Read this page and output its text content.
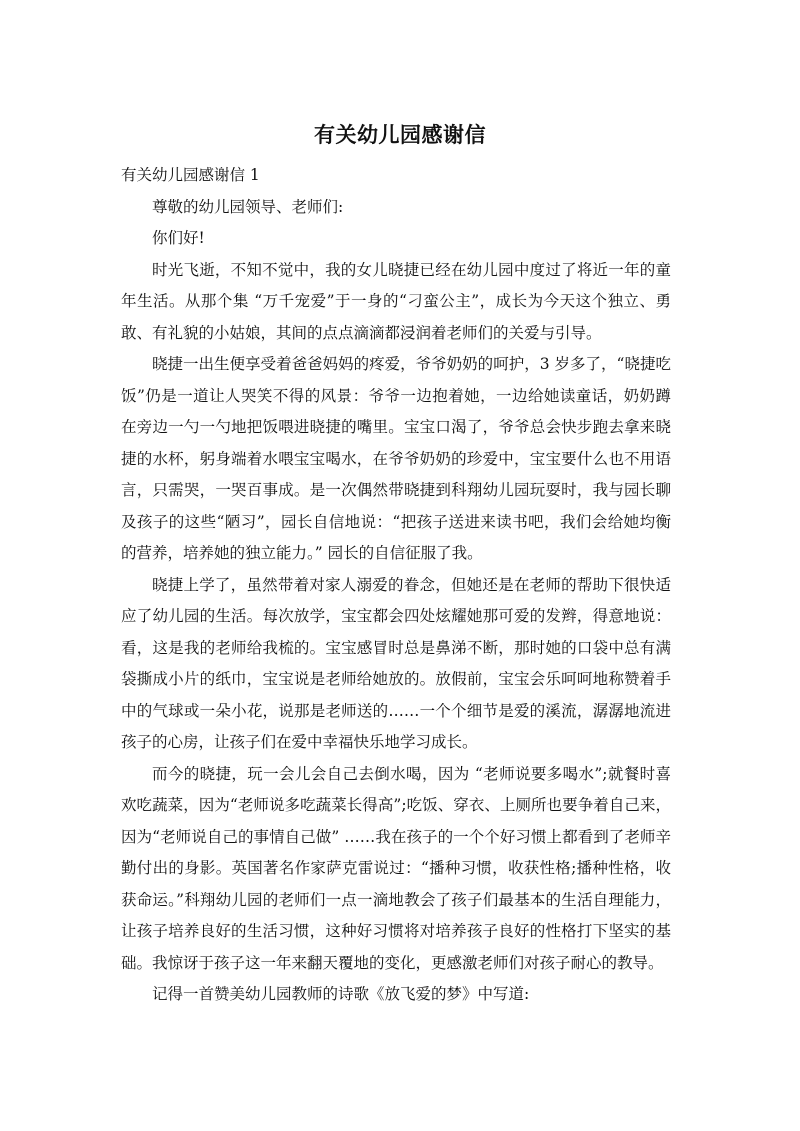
有关幼儿园感谢信

有关幼儿园感谢信 1

尊敬的幼儿园领导、老师们:

你们好!

时光飞逝，不知不觉中，我的女儿晓捷已经在幼儿园中度过了将近一年的童年生活。从那个集 “万千宠爱”于一身的“刁蛮公主”，成长为今天这个独立、勇敢、有礼貌的小姑娘，其间的点点滴滴都浸润着老师们的关爱与引导。

晓捷一出生便享受着爸爸妈妈的疼爱，爷爷奶奶的呵护，3 岁多了，“晓捷吃饭”仍是一道让人哭笑不得的风景：爷爷一边抱着她，一边给她读童话，奶奶蹲在旁边一勺一勺地把饭喂进晓捷的嘴里。宝宝口渴了，爷爷总会快步跑去拿来晓捷的水杯，躬身端着水喂宝宝喝水，在爷爷奶奶的珍爱中，宝宝要什么也不用语言，只需哭，一哭百事成。是一次偶然带晓捷到科翔幼儿园玩耍时，我与园长聊及孩子的这些“陋习”，园长自信地说：“把孩子送进来读书吧，我们会给她均衡的营养，培养她的独立能力。” 园长的自信征服了我。

晓捷上学了，虽然带着对家人溺爱的眷念，但她还是在老师的帮助下很快适应了幼儿园的生活。每次放学，宝宝都会四处炫耀她那可爱的发辫，得意地说：看，这是我的老师给我梳的。宝宝感冒时总是鼻涕不断，那时她的口袋中总有满袋撕成小片的纸巾，宝宝说是老师给她放的。放假前，宝宝会乐呵呵地称赞着手中的气球或一朵小花，说那是老师送的……一个个细节是爱的溪流，潺潺地流进孩子的心房，让孩子们在爱中幸福快乐地学习成长。

而今的晓捷，玩一会儿会自己去倒水喝，因为 “老师说要多喝水”;就餐时喜欢吃蔬菜，因为“老师说多吃蔬菜长得高”;吃饭、穿衣、上厕所也要争着自己来，因为“老师说自己的事情自己做” ……我在孩子的一个个好习惯上都看到了老师辛勤付出的身影。英国著名作家萨克雷说过：“播种习惯，收获性格;播种性格，收获命运。”科翔幼儿园的老师们一点一滴地教会了孩子们最基本的生活自理能力，让孩子培养良好的生活习惯，这种好习惯将对培养孩子良好的性格打下坚实的基础。我惊讶于孩子这一年来翻天覆地的变化，更感激老师们对孩子耐心的教导。

记得一首赞美幼儿园教师的诗歌《放飞爱的梦》中写道:
